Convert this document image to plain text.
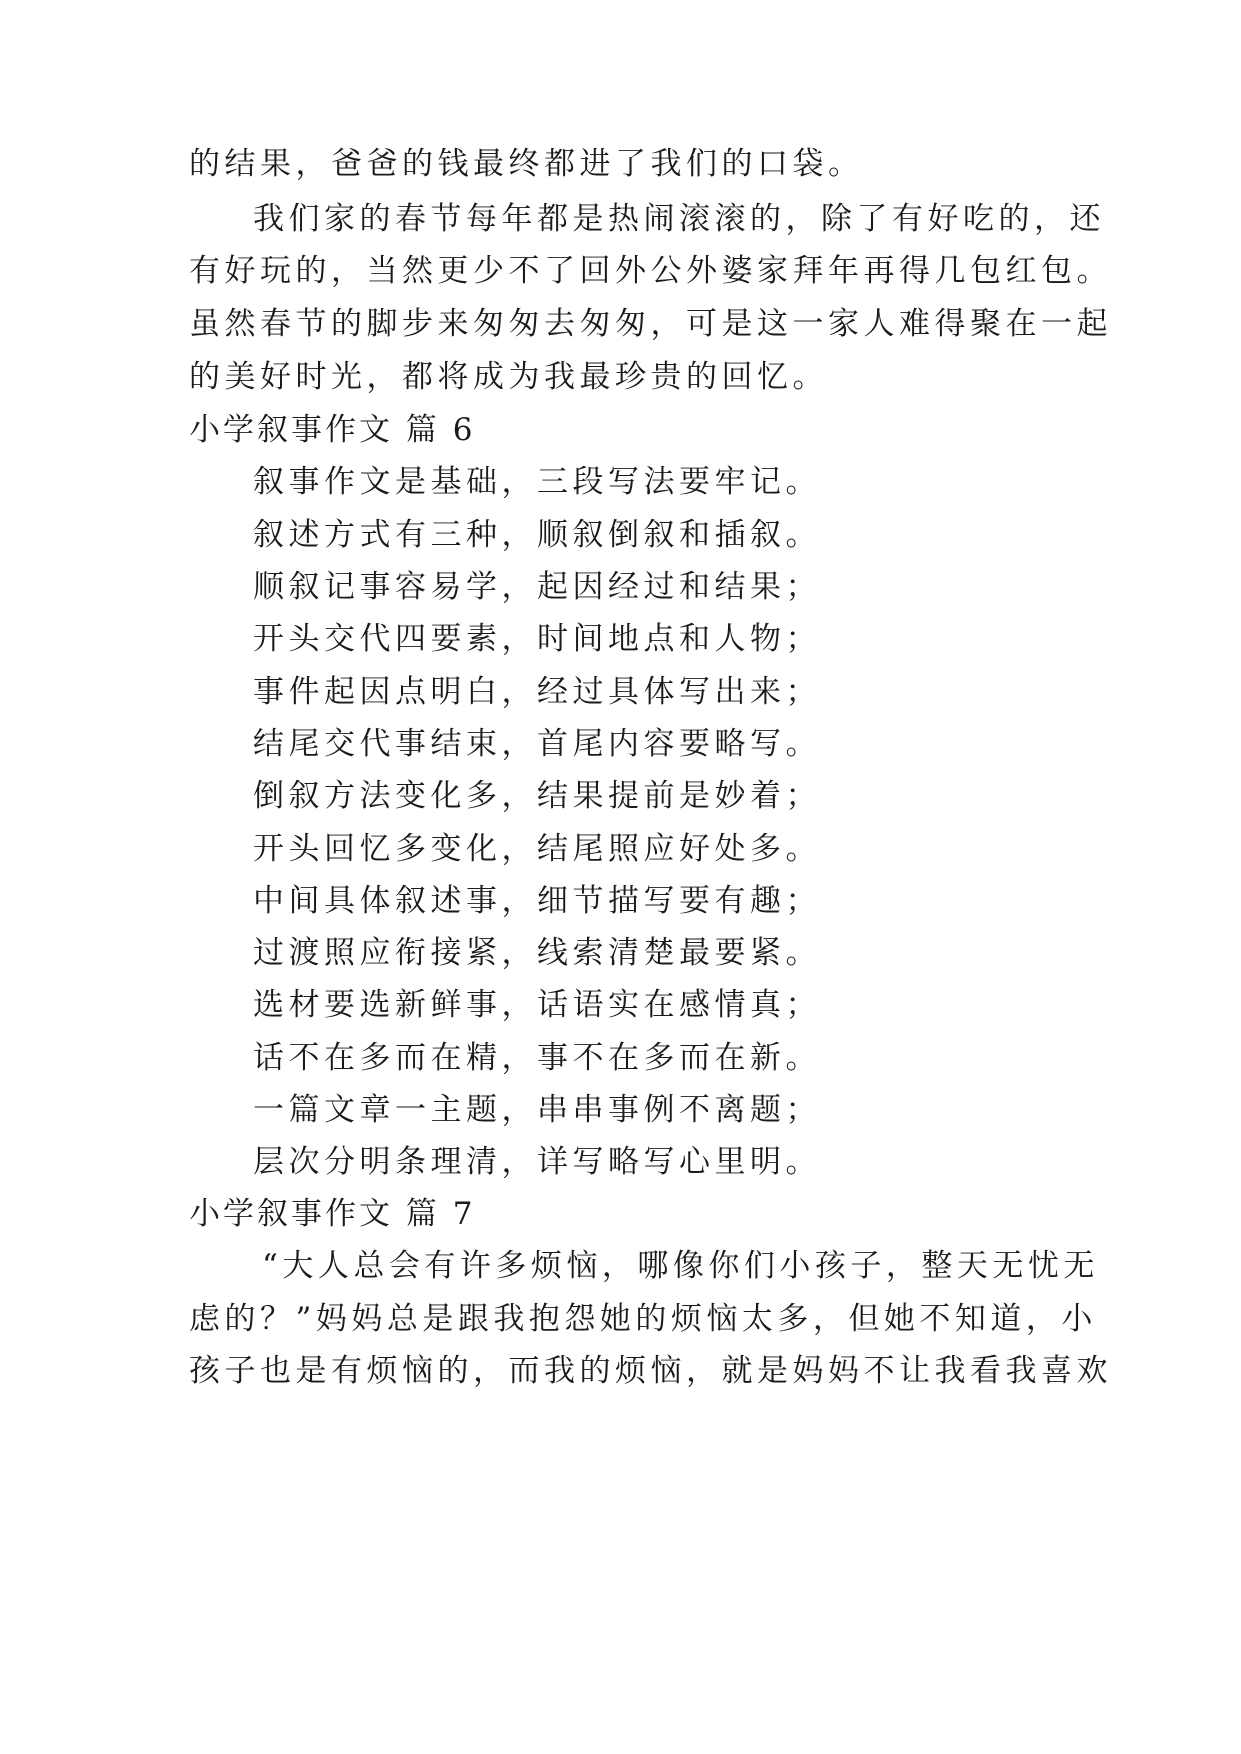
的结果，爸爸的钱最终都进了我们的口袋。
我们家的春节每年都是热闹滚滚的，除了有好吃的，还
有好玩的，当然更少不了回外公外婆家拜年再得几包红包。
虽然春节的脚步来匆匆去匆匆，可是这一家人难得聚在一起
的美好时光，都将成为我最珍贵的回忆。
小学叙事作文 篇 6
叙事作文是基础，三段写法要牢记。
叙述方式有三种，顺叙倒叙和插叙。
顺叙记事容易学，起因经过和结果；
开头交代四要素，时间地点和人物；
事件起因点明白，经过具体写出来；
结尾交代事结束，首尾内容要略写。
倒叙方法变化多，结果提前是妙着；
开头回忆多变化，结尾照应好处多。
中间具体叙述事，细节描写要有趣；
过渡照应衔接紧，线索清楚最要紧。
选材要选新鲜事，话语实在感情真；
话不在多而在精，事不在多而在新。
一篇文章一主题，串串事例不离题；
层次分明条理清，详写略写心里明。
小学叙事作文 篇 7
“大人总会有许多烦恼，哪像你们小孩子，整天无忧无
虑的？”妈妈总是跟我抱怨她的烦恼太多，但她不知道，小
孩子也是有烦恼的，而我的烦恼，就是妈妈不让我看我喜欢
